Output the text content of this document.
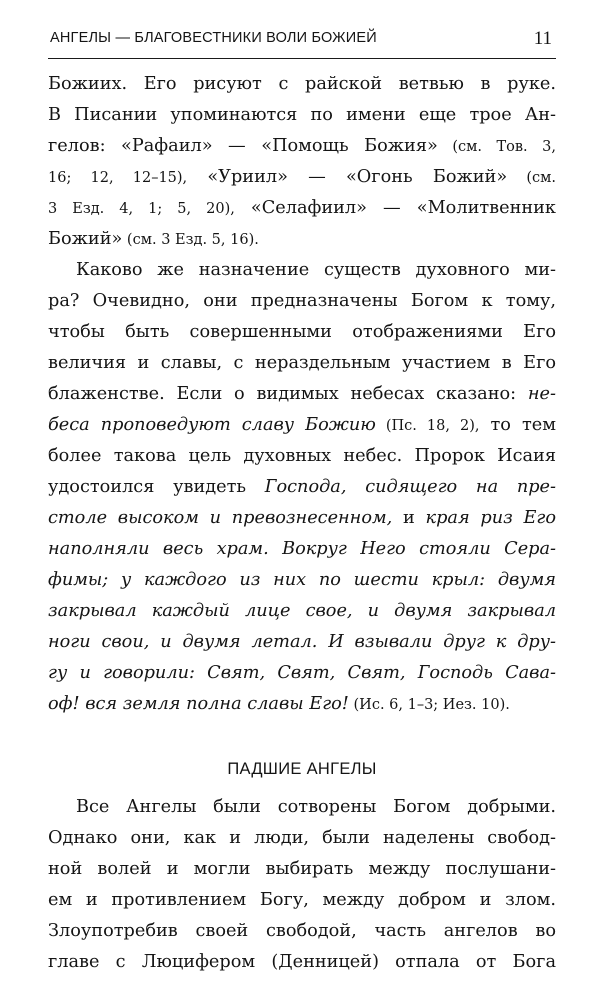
АНГЕЛЫ — БЛАГОВЕСТНИКИ ВОЛИ БОЖИЕЙ	11
Божиих. Его рисуют с райской ветвью в руке.
В Писании упоминаются по имени еще трое Ан-
гелов: «Рафаил» — «Помощь Божия» (см. Тов. 3,
16; 12, 12–15), «Уриил» — «Огонь Божий» (см.
3 Езд. 4, 1; 5, 20), «Селафиил» — «Молитвенник
Божий» (см. 3 Езд. 5, 16).
Каково же назначение существ духовного ми-
ра? Очевидно, они предназначены Богом к тому,
чтобы быть совершенными отображениями Его
величия и славы, с нераздельным участием в Его
блаженстве. Если о видимых небесах сказано: не-
беса проповедуют славу Божию (Пс. 18, 2), то тем
более такова цель духовных небес. Пророк Исаия
удостоился увидеть Господа, сидящего на пре-
столе высоком и превознесенном, и края риз Его
наполняли весь храм. Вокруг Него стояли Сера-
фимы; у каждого из них по шести крыл: двумя
закрывал каждый лице свое, и двумя закрывал
ноги свои, и двумя летал. И взывали друг к дру-
гу и говорили: Свят, Свят, Свят, Господь Сава-
оф! вся земля полна славы Его! (Ис. 6, 1–3; Иез. 10).
ПАДШИЕ АНГЕЛЫ
Все Ангелы были сотворены Богом добрыми.
Однако они, как и люди, были наделены свобод-
ной волей и могли выбирать между послушани-
ем и противлением Богу, между добром и злом.
Злоупотребив своей свободой, часть ангелов во
главе с Люцифером (Денницей) отпала от Бога
